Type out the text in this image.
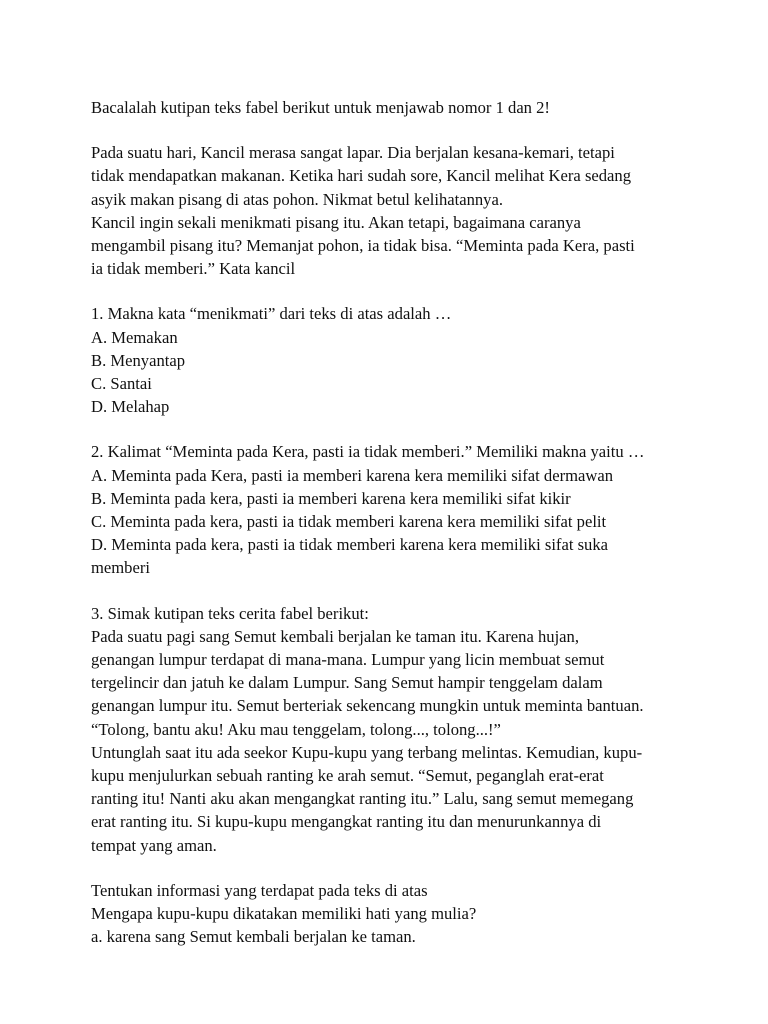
Bacalalah kutipan teks fabel berikut untuk menjawab nomor 1 dan 2!
Pada suatu hari, Kancil merasa sangat lapar. Dia berjalan kesana-kemari, tetapi
tidak mendapatkan makanan. Ketika hari sudah sore, Kancil melihat Kera sedang
asyik makan pisang di atas pohon. Nikmat betul kelihatannya.
Kancil ingin sekali menikmati pisang itu. Akan tetapi, bagaimana caranya
mengambil pisang itu? Memanjat pohon, ia tidak bisa. “Meminta pada Kera, pasti
ia tidak memberi.” Kata kancil
1. Makna kata “menikmati” dari teks di atas adalah …
A. Memakan
B. Menyantap
C. Santai
D. Melahap
2. Kalimat “Meminta pada Kera, pasti ia tidak memberi.” Memiliki makna yaitu …
A. Meminta pada Kera, pasti ia memberi karena kera memiliki sifat dermawan
B. Meminta pada kera, pasti ia memberi karena kera memiliki sifat kikir
C. Meminta pada kera, pasti ia tidak memberi karena kera memiliki sifat pelit
D. Meminta pada kera, pasti ia tidak memberi karena kera memiliki sifat suka
memberi
3. Simak kutipan teks cerita fabel berikut:
Pada suatu pagi sang Semut kembali berjalan ke taman itu. Karena hujan,
genangan lumpur terdapat di mana-mana. Lumpur yang licin membuat semut
tergelincir dan jatuh ke dalam Lumpur. Sang Semut hampir tenggelam dalam
genangan lumpur itu. Semut berteriak sekencang mungkin untuk meminta bantuan.
“Tolong, bantu aku! Aku mau tenggelam, tolong..., tolong...!”
Untunglah saat itu ada seekor Kupu-kupu yang terbang melintas. Kemudian, kupu-
kupu menjulurkan sebuah ranting ke arah semut. “Semut, peganglah erat-erat
ranting itu! Nanti aku akan mengangkat ranting itu.” Lalu, sang semut memegang
erat ranting itu. Si kupu-kupu mengangkat ranting itu dan menurunkannya di
tempat yang aman.
Tentukan informasi yang terdapat pada teks di atas
Mengapa kupu-kupu dikatakan memiliki hati yang mulia?
a. karena sang Semut kembali berjalan ke taman.
